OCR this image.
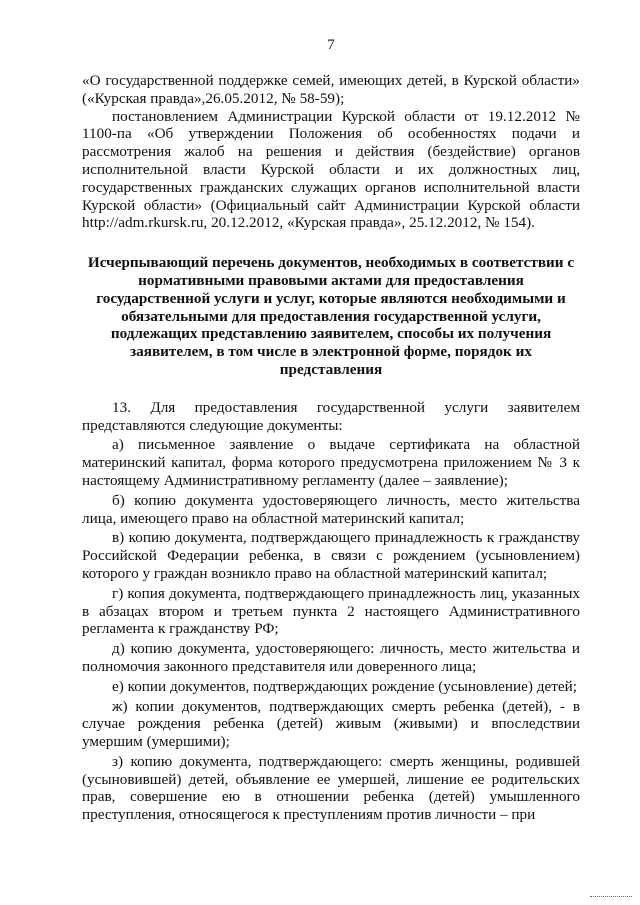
7

«О государственной поддержке семей, имеющих детей, в Курской области» («Курская правда»,26.05.2012, № 58-59);

постановлением Администрации Курской области от 19.12.2012 № 1100-па «Об утверждении Положения об особенностях подачи и рассмотрения жалоб на решения и действия (бездействие) органов исполнительной власти Курской области и их должностных лиц, государственных гражданских служащих органов исполнительной власти Курской области» (Официальный сайт Администрации Курской области http://adm.rkursk.ru, 20.12.2012, «Курская правда», 25.12.2012, № 154).

Исчерпывающий перечень документов, необходимых в соответствии с нормативными правовыми актами для предоставления государственной услуги и услуг, которые являются необходимыми и обязательными для предоставления государственной услуги, подлежащих представлению заявителем, способы их получения заявителем, в том числе в электронной форме, порядок их представления

13. Для предоставления государственной услуги заявителем представляются следующие документы:

а) письменное заявление о выдаче сертификата на областной материнский капитал, форма которого предусмотрена приложением № 3 к настоящему Административному регламенту (далее – заявление);

б) копию документа удостоверяющего личность, место жительства лица, имеющего право на областной материнский капитал;

в) копию документа, подтверждающего принадлежность к гражданству Российской Федерации ребенка, в связи с рождением (усыновлением) которого у граждан возникло право на областной материнский капитал;

г) копия документа, подтверждающего принадлежность лиц, указанных в абзацах втором и третьем пункта 2 настоящего Административного регламента к гражданству РФ;

д) копию документа, удостоверяющего: личность, место жительства и полномочия законного представителя или доверенного лица;

е) копии документов, подтверждающих рождение (усыновление) детей;

ж) копии документов, подтверждающих смерть ребенка (детей), - в случае рождения ребенка (детей) живым (живыми) и впоследствии умершим (умершими);

з) копию документа, подтверждающего: смерть женщины, родившей (усыновившей) детей, объявление ее умершей, лишение ее родительских прав, совершение ею в отношении ребенка (детей) умышленного преступления, относящегося к преступлениям против личности – при
